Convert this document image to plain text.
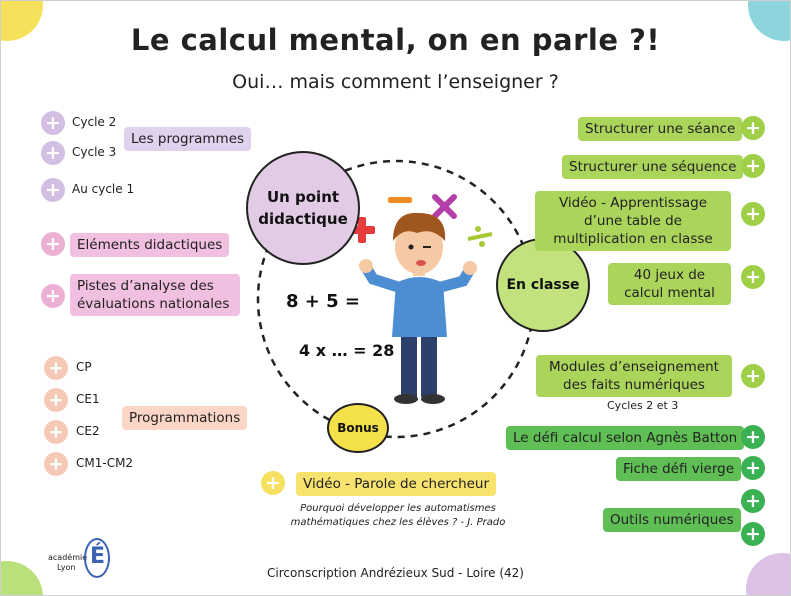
Le calcul mental, on en parle ?!
Oui… mais comment l’enseigner ?
+ Cycle 2
+ Cycle 3
+ Au cycle 1
Les programmes
+	Eléments didactiques
+	Pistes d’analyse des évaluations nationales
+	CP
+	CE1
+	CE2
+	CM1-CM2
Programmations
Un point didactique
En classe
Bonus
8 + 5 =
4 x … = 28
Structurer une séance +
Structurer une séquence +
Vidéo - Apprentissage d’une table de multiplication en classe
+
40 jeux de calcul mental
+
Modules d’enseignement des faits numériques	+
Cycles 2 et 3
Le défi calcul selon Agnès Batton +
Fiche défi vierge +
Outils numériques
+
+
+	Vidéo - Parole de chercheur
Pourquoi développer les automatismes mathématiques chez les élèves ? - J. Prado
Circonscription Andrézieux Sud - Loire (42)
académie
Lyon É
